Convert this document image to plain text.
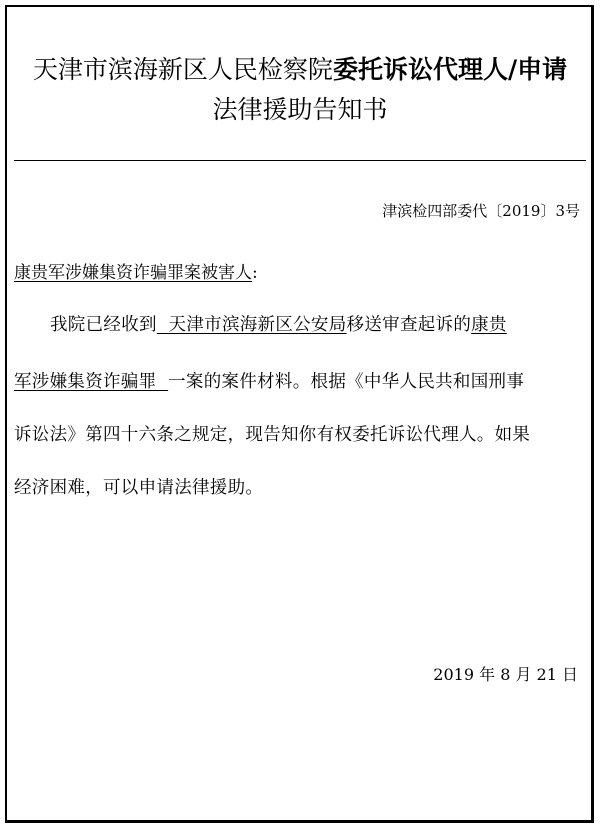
天津市滨海新区人民检察院委托诉讼代理人/申请
法律援助告知书
津滨检四部委代〔2019〕3号
康贵军涉嫌集资诈骗罪案被害人:
我院已经收到  天津市滨海新区公安局移送审查起诉的康贵
军涉嫌集资诈骗罪  一案的案件材料。根据《中华人民共和国刑事
诉讼法》第四十六条之规定，现告知你有权委托诉讼代理人。如果
经济困难，可以申请法律援助。
2019 年 8 月 21 日
